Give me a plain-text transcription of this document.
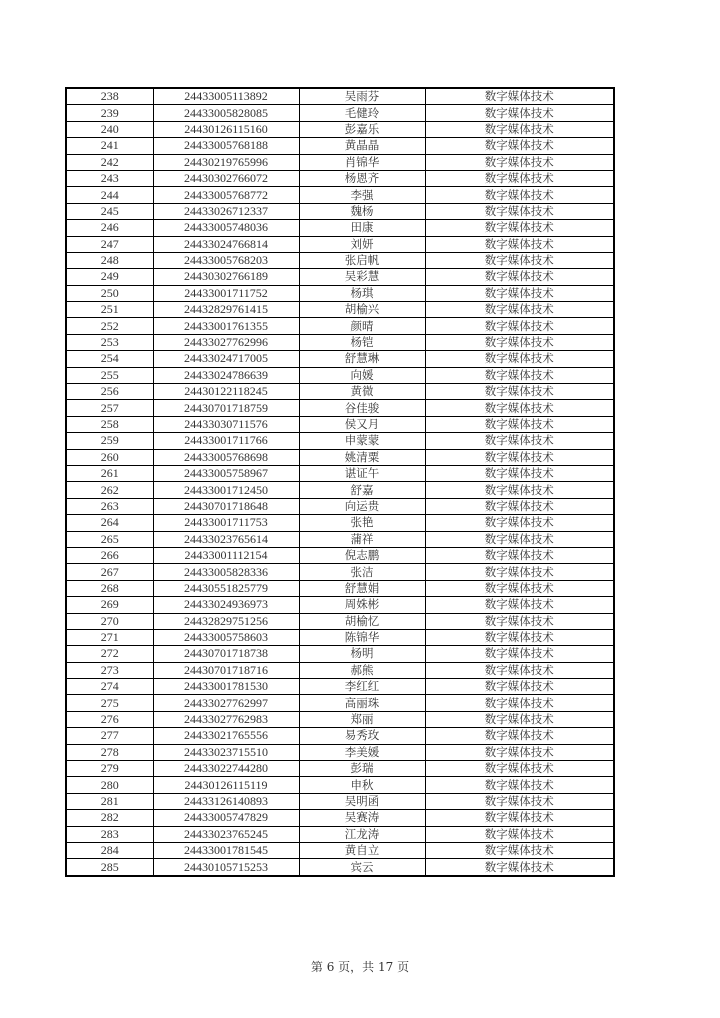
238	24433005113892	吴雨芬	数字媒体技术
239	24433005828085	毛健玲	数字媒体技术
240	24430126115160	彭嘉乐	数字媒体技术
241	24433005768188	黄晶晶	数字媒体技术
242	24430219765996	肖锦华	数字媒体技术
243	24430302766072	杨恩齐	数字媒体技术
244	24433005768772	李强	数字媒体技术
245	24433026712337	魏杨	数字媒体技术
246	24433005748036	田康	数字媒体技术
247	24433024766814	刘妍	数字媒体技术
248	24433005768203	张启帆	数字媒体技术
249	24430302766189	吴彩慧	数字媒体技术
250	24433001711752	杨琪	数字媒体技术
251	24432829761415	胡榆兴	数字媒体技术
252	24433001761355	颜晴	数字媒体技术
253	24433027762996	杨铠	数字媒体技术
254	24433024717005	舒慧琳	数字媒体技术
255	24433024786639	向媛	数字媒体技术
256	24430122118245	黄微	数字媒体技术
257	24430701718759	谷佳骏	数字媒体技术
258	24433030711576	侯又月	数字媒体技术
259	24433001711766	申蒙蒙	数字媒体技术
260	24433005768698	姚清粟	数字媒体技术
261	24433005758967	谌证午	数字媒体技术
262	24433001712450	舒嘉	数字媒体技术
263	24430701718648	向运贵	数字媒体技术
264	24433001711753	张艳	数字媒体技术
265	24433023765614	蒲祥	数字媒体技术
266	24433001112154	倪志鹏	数字媒体技术
267	24433005828336	张洁	数字媒体技术
268	24430551825779	舒慧娟	数字媒体技术
269	24433024936973	周姝彬	数字媒体技术
270	24432829751256	胡榆忆	数字媒体技术
271	24433005758603	陈锦华	数字媒体技术
272	24430701718738	杨明	数字媒体技术
273	24430701718716	郝熊	数字媒体技术
274	24433001781530	李红红	数字媒体技术
275	24433027762997	高丽珠	数字媒体技术
276	24433027762983	郑丽	数字媒体技术
277	24433021765556	易秀玫	数字媒体技术
278	24433023715510	李美媛	数字媒体技术
279	24433022744280	彭瑞	数字媒体技术
280	24430126115119	申秋	数字媒体技术
281	24433126140893	吴明函	数字媒体技术
282	24433005747829	吴赛涛	数字媒体技术
283	24433023765245	江龙涛	数字媒体技术
284	24433001781545	黄自立	数字媒体技术
285	24430105715253	宾云	数字媒体技术
第 6 页，共 17 页
